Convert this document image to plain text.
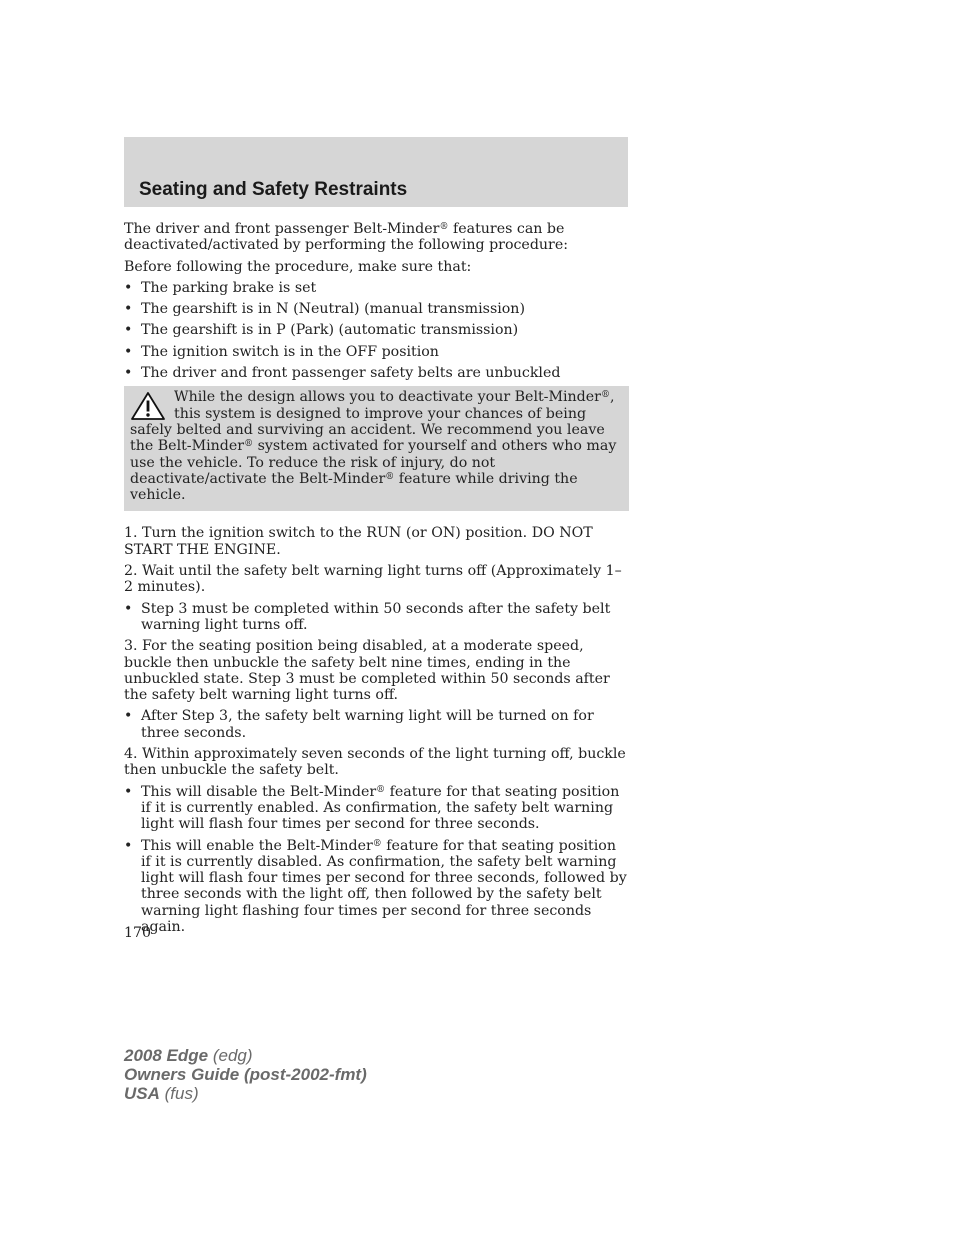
Seating and Safety Restraints

The driver and front passenger Belt-Minder® features can be deactivated/activated by performing the following procedure:

Before following the procedure, make sure that:

• The parking brake is set
• The gearshift is in N (Neutral) (manual transmission)
• The gearshift is in P (Park) (automatic transmission)
• The ignition switch is in the OFF position
• The driver and front passenger safety belts are unbuckled
While the design allows you to deactivate your Belt-Minder®, this system is designed to improve your chances of being safely belted and surviving an accident. We recommend you leave the Belt-Minder® system activated for yourself and others who may use the vehicle. To reduce the risk of injury, do not deactivate/activate the Belt-Minder® feature while driving the vehicle.

1. Turn the ignition switch to the RUN (or ON) position. DO NOT START THE ENGINE.

2. Wait until the safety belt warning light turns off (Approximately 1–2 minutes).

• Step 3 must be completed within 50 seconds after the safety belt warning light turns off.

3. For the seating position being disabled, at a moderate speed, buckle then unbuckle the safety belt nine times, ending in the unbuckled state. Step 3 must be completed within 50 seconds after the safety belt warning light turns off.

• After Step 3, the safety belt warning light will be turned on for three seconds.

4. Within approximately seven seconds of the light turning off, buckle then unbuckle the safety belt.

• This will disable the Belt-Minder® feature for that seating position if it is currently enabled. As confirmation, the safety belt warning light will flash four times per second for three seconds.
• This will enable the Belt-Minder® feature for that seating position if it is currently disabled. As confirmation, the safety belt warning light will flash four times per second for three seconds, followed by three seconds with the light off, then followed by the safety belt warning light flashing four times per second for three seconds again.
170
2008 Edge (edg)
Owners Guide (post-2002-fmt)
USA (fus)
